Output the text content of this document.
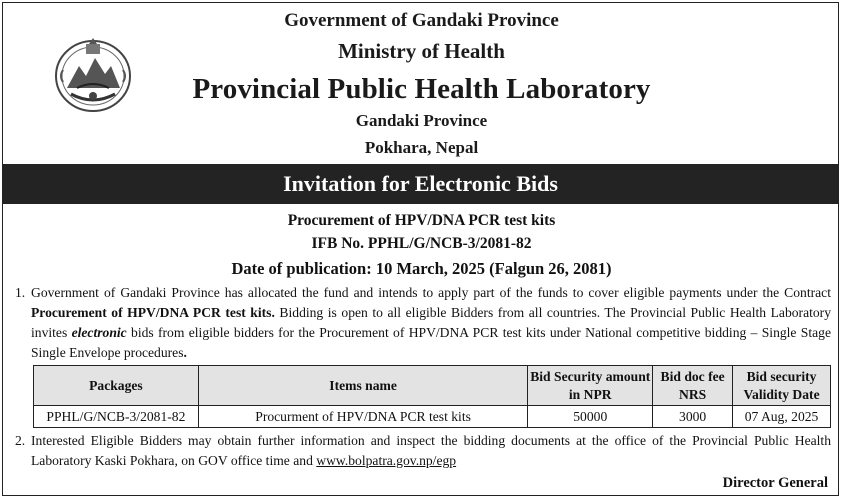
Government of Gandaki Province
Ministry of Health
Provincial Public Health Laboratory
Gandaki Province
Pokhara, Nepal
Invitation for Electronic Bids
Procurement of HPV/DNA PCR test kits
IFB No. PPHL/G/NCB-3/2081-82
Date of publication: 10 March, 2025 (Falgun 26, 2081)
1. Government of Gandaki Province has allocated the fund and intends to apply part of the funds to cover eligible payments under the Contract Procurement of HPV/DNA PCR test kits. Bidding is open to all eligible Bidders from all countries. The Provincial Public Health Laboratory invites electronic bids from eligible bidders for the Procurement of HPV/DNA PCR test kits under National competitive bidding – Single Stage Single Envelope procedures.
Packages	Items name	Bid Security amount in NPR	Bid doc fee NRS	Bid security Validity Date
PPHL/G/NCB-3/2081-82	Procurment of HPV/DNA PCR test kits	50000	3000	07 Aug, 2025
2. Interested Eligible Bidders may obtain further information and inspect the bidding documents at the office of the Provincial Public Health Laboratory Kaski Pokhara, on GOV office time and www.bolpatra.gov.np/egp
Director General
